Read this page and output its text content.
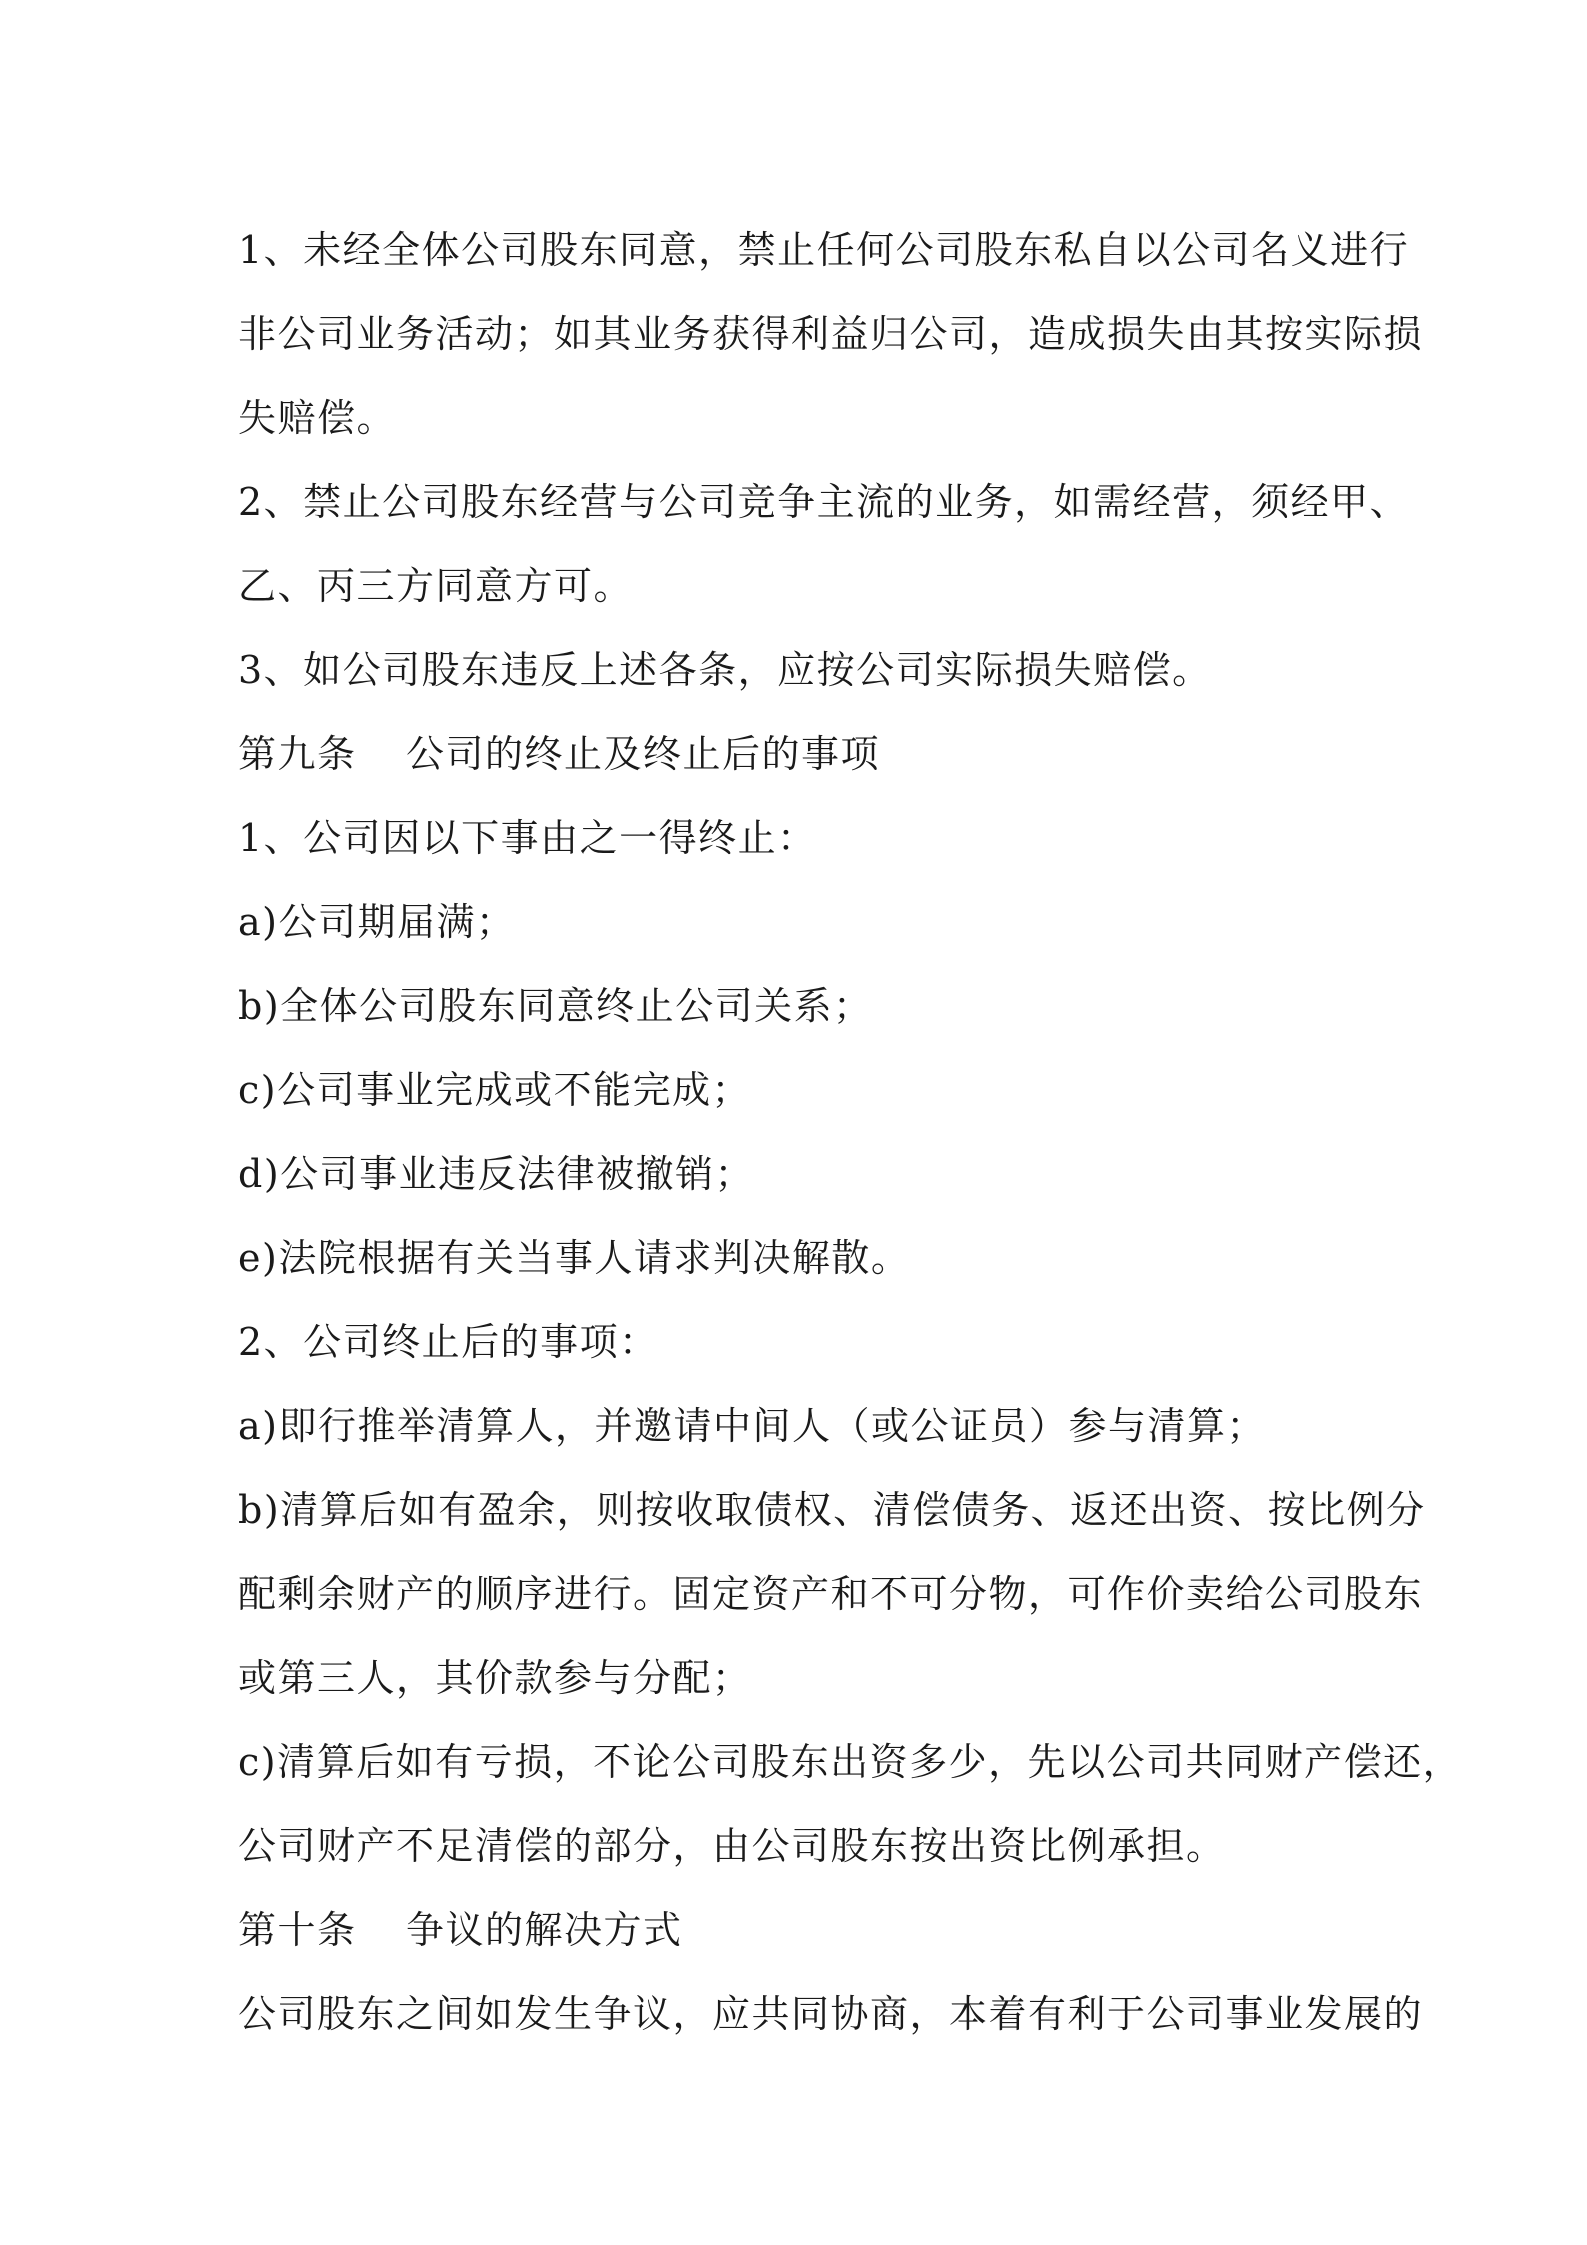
1、未经全体公司股东同意，禁止任何公司股东私自以公司名义进行
非公司业务活动；如其业务获得利益归公司，造成损失由其按实际损
失赔偿。
2、禁止公司股东经营与公司竞争主流的业务，如需经营，须经甲、
乙、丙三方同意方可。
3、如公司股东违反上述各条，应按公司实际损失赔偿。
第九条 公司的终止及终止后的事项
1、公司因以下事由之一得终止：
a)公司期届满；
b)全体公司股东同意终止公司关系；
c)公司事业完成或不能完成；
d)公司事业违反法律被撤销；
e)法院根据有关当事人请求判决解散。
2、公司终止后的事项：
a)即行推举清算人，并邀请中间人（或公证员）参与清算；
b)清算后如有盈余，则按收取债权、清偿债务、返还出资、按比例分
配剩余财产的顺序进行。固定资产和不可分物，可作价卖给公司股东
或第三人，其价款参与分配；
c)清算后如有亏损，不论公司股东出资多少，先以公司共同财产偿还，
公司财产不足清偿的部分，由公司股东按出资比例承担。
第十条 争议的解决方式
公司股东之间如发生争议，应共同协商，本着有利于公司事业发展的
